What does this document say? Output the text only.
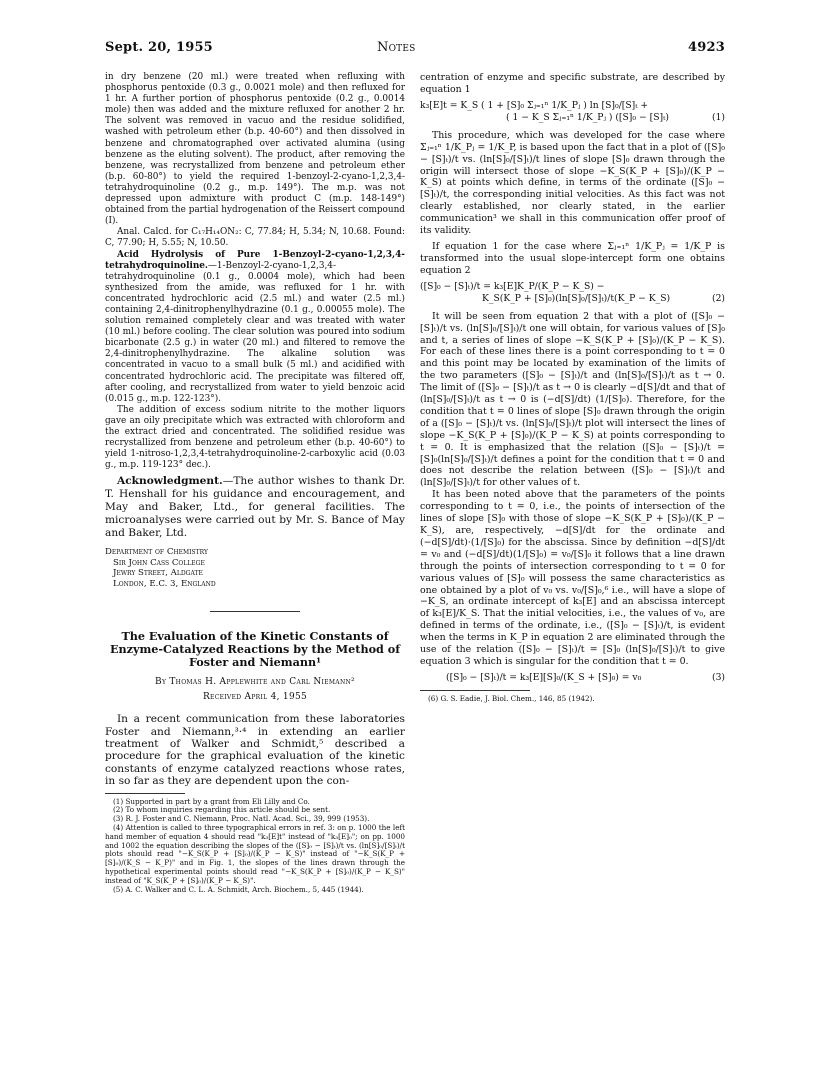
Sept. 20, 1955	Notes	4923

in dry benzene (20 ml.) were treated when refluxing with phosphorus pentoxide (0.3 g., 0.0021 mole) and then refluxed for 1 hr. A further portion of phosphorus pentoxide (0.2 g., 0.0014 mole) then was added and the mixture refluxed for another 2 hr. The solvent was removed in vacuo and the residue solidified, washed with petroleum ether (b.p. 40-60°) and then dissolved in benzene and chromatographed over activated alumina (using benzene as the eluting solvent). The product, after removing the benzene, was recrystallized from benzene and petroleum ether (b.p. 60-80°) to yield the required 1-benzoyl-2-cyano-1,2,3,4-tetrahydroquinoline (0.2 g., m.p. 149°). The m.p. was not depressed upon admixture with product C (m.p. 148-149°) obtained from the partial hydrogenation of the Reissert compound (I).

Anal. Calcd. for C₁₇H₁₄ON₂: C, 77.84; H, 5.34; N, 10.68. Found: C, 77.90; H, 5.55; N, 10.50.

Acid Hydrolysis of Pure 1-Benzoyl-2-cyano-1,2,3,4-tetrahydroquinoline.—1-Benzoyl-2-cyano-1,2,3,4-tetrahydroquinoline (0.1 g., 0.0004 mole), which had been synthesized from the amide, was refluxed for 1 hr. with concentrated hydrochloric acid (2.5 ml.) and water (2.5 ml.) containing 2,4-dinitrophenylhydrazine (0.1 g., 0.00055 mole). The solution remained completely clear and was treated with water (10 ml.) before cooling. The clear solution was poured into sodium bicarbonate (2.5 g.) in water (20 ml.) and filtered to remove the 2,4-dinitrophenylhydrazine. The alkaline solution was concentrated in vacuo to a small bulk (5 ml.) and acidified with concentrated hydrochloric acid. The precipitate was filtered off, after cooling, and recrystallized from water to yield benzoic acid (0.015 g., m.p. 122-123°).

The addition of excess sodium nitrite to the mother liquors gave an oily precipitate which was extracted with chloroform and the extract dried and concentrated. The solidified residue was recrystallized from benzene and petroleum ether (b.p. 40-60°) to yield 1-nitroso-1,2,3,4-tetrahydroquinoline-2-carboxylic acid (0.03 g., m.p. 119-123° dec.).

Acknowledgment.—The author wishes to thank Dr. T. Henshall for his guidance and encouragement, and May and Baker, Ltd., for general facilities. The microanalyses were carried out by Mr. S. Bance of May and Baker, Ltd.

Department of Chemistry
Sir John Cass College
Jewry Street, Aldgate
London, E.C. 3, England

The Evaluation of the Kinetic Constants of Enzyme-Catalyzed Reactions by the Method of Foster and Niemann¹

By Thomas H. Applewhite and Carl Niemann²

Received April 4, 1955

In a recent communication from these laboratories Foster and Niemann,³·⁴ in extending an earlier treatment of Walker and Schmidt,⁵ described a procedure for the graphical evaluation of the kinetic constants of enzyme catalyzed reactions whose rates, in so far as they are dependent upon the con-

(1) Supported in part by a grant from Eli Lilly and Co.

(2) To whom inquiries regarding this article should be sent.

(3) R. J. Foster and C. Niemann, Proc. Natl. Acad. Sci., 39, 999 (1953).

(4) Attention is called to three typographical errors in ref. 3: on p. 1000 the left hand member of equation 4 should read "k₃[E]t" instead of "k₃[E]₀"; on pp. 1000 and 1002 the equation describing the slopes of the ([S]₀ − [S]ₜ)/t vs. (ln[S]₀/[S]ₜ)/t plots should read "−K_S(K_P + [S]₀)/(K_P − K_S)" instead of "−K_S(K_P + [S]₀)/(K_S − K_P)" and in Fig. 1, the slopes of the lines drawn through the hypothetical experimental points should read "−K_S(K_P + [S]₀)/(K_P − K_S)" instead of "K_S(K_P + [S]₀)/(K_P − K_S)".

(5) A. C. Walker and C. L. A. Schmidt, Arch. Biochem., 5, 445 (1944).

centration of enzyme and specific substrate, are described by equation 1

k₃[E]t = K_S ( 1 + [S]₀ Σⱼ₌₁ⁿ 1/K_Pⱼ ) ln [S]₀/[S]ₜ +
( 1 − K_S Σⱼ₌₁ⁿ 1/K_Pⱼ ) ([S]₀ − [S]ₜ)	(1)

This procedure, which was developed for the case where Σⱼ₌₁ⁿ 1/K_Pⱼ = 1/K_P, is based upon the fact that in a plot of ([S]₀ − [S]ₜ)/t vs. (ln[S]₀/[S]ₜ)/t lines of slope [S]₀ drawn through the origin will intersect those of slope −K_S(K_P + [S]₀)/(K_P − K_S) at points which define, in terms of the ordinate ([S]₀ − [S]ₜ)/t, the corresponding initial velocities. As this fact was not clearly established, nor clearly stated, in the earlier communication³ we shall in this communication offer proof of its validity.

If equation 1 for the case where Σⱼ₌₁ⁿ 1/K_Pⱼ = 1/K_P is transformed into the usual slope-intercept form one obtains equation 2

([S]₀ − [S]ₜ)/t = k₃[E]K_P/(K_P − K_S) −
K_S(K_P + [S]₀)(ln[S]₀/[S]ₜ)/t(K_P − K_S)	(2)

It will be seen from equation 2 that with a plot of ([S]₀ − [S]ₜ)/t vs. (ln[S]₀/[S]ₜ)/t one will obtain, for various values of [S]₀ and t, a series of lines of slope −K_S(K_P + [S]₀)/(K_P − K_S). For each of these lines there is a point corresponding to t = 0 and this point may be located by examination of the limits of the two parameters ([S]₀ − [S]ₜ)/t and (ln[S]₀/[S]ₜ)/t as t → 0. The limit of ([S]₀ − [S]ₜ)/t as t → 0 is clearly −d[S]/dt and that of (ln[S]₀/[S]ₜ)/t as t → 0 is (−d[S]/dt) (1/[S]₀). Therefore, for the condition that t = 0 lines of slope [S]₀ drawn through the origin of a ([S]₀ − [S]ₜ)/t vs. (ln[S]₀/[S]ₜ)/t plot will intersect the lines of slope −K_S(K_P + [S]₀)/(K_P − K_S) at points corresponding to t = 0. It is emphasized that the relation ([S]₀ − [S]ₜ)/t = [S]₀(ln[S]₀/[S]ₜ)/t defines a point for the condition that t = 0 and does not describe the relation between ([S]₀ − [S]ₜ)/t and (ln[S]₀/[S]ₜ)/t for other values of t.

It has been noted above that the parameters of the points corresponding to t = 0, i.e., the points of intersection of the lines of slope [S]₀ with those of slope −K_S(K_P + [S]₀)/(K_P − K_S), are, respectively, −d[S]/dt for the ordinate and (−d[S]/dt)·(1/[S]₀) for the abscissa. Since by definition −d[S]/dt = v₀ and (−d[S]/dt)(1/[S]₀) = v₀/[S]₀ it follows that a line drawn through the points of intersection corresponding to t = 0 for various values of [S]₀ will possess the same characteristics as one obtained by a plot of v₀ vs. v₀/[S]₀,⁶ i.e., will have a slope of −K_S, an ordinate intercept of k₃[E] and an abscissa intercept of k₃[E]/K_S. That the initial velocities, i.e., the values of v₀, are defined in terms of the ordinate, i.e., ([S]₀ − [S]ₜ)/t, is evident when the terms in K_P in equation 2 are eliminated through the use of the relation ([S]₀ − [S]ₜ)/t = [S]₀ (ln[S]₀/[S]ₜ)/t to give equation 3 which is singular for the condition that t = 0.

([S]₀ − [S]ₜ)/t = k₃[E][S]₀/(K_S + [S]₀) = v₀	(3)

(6) G. S. Eadie, J. Biol. Chem., 146, 85 (1942).
